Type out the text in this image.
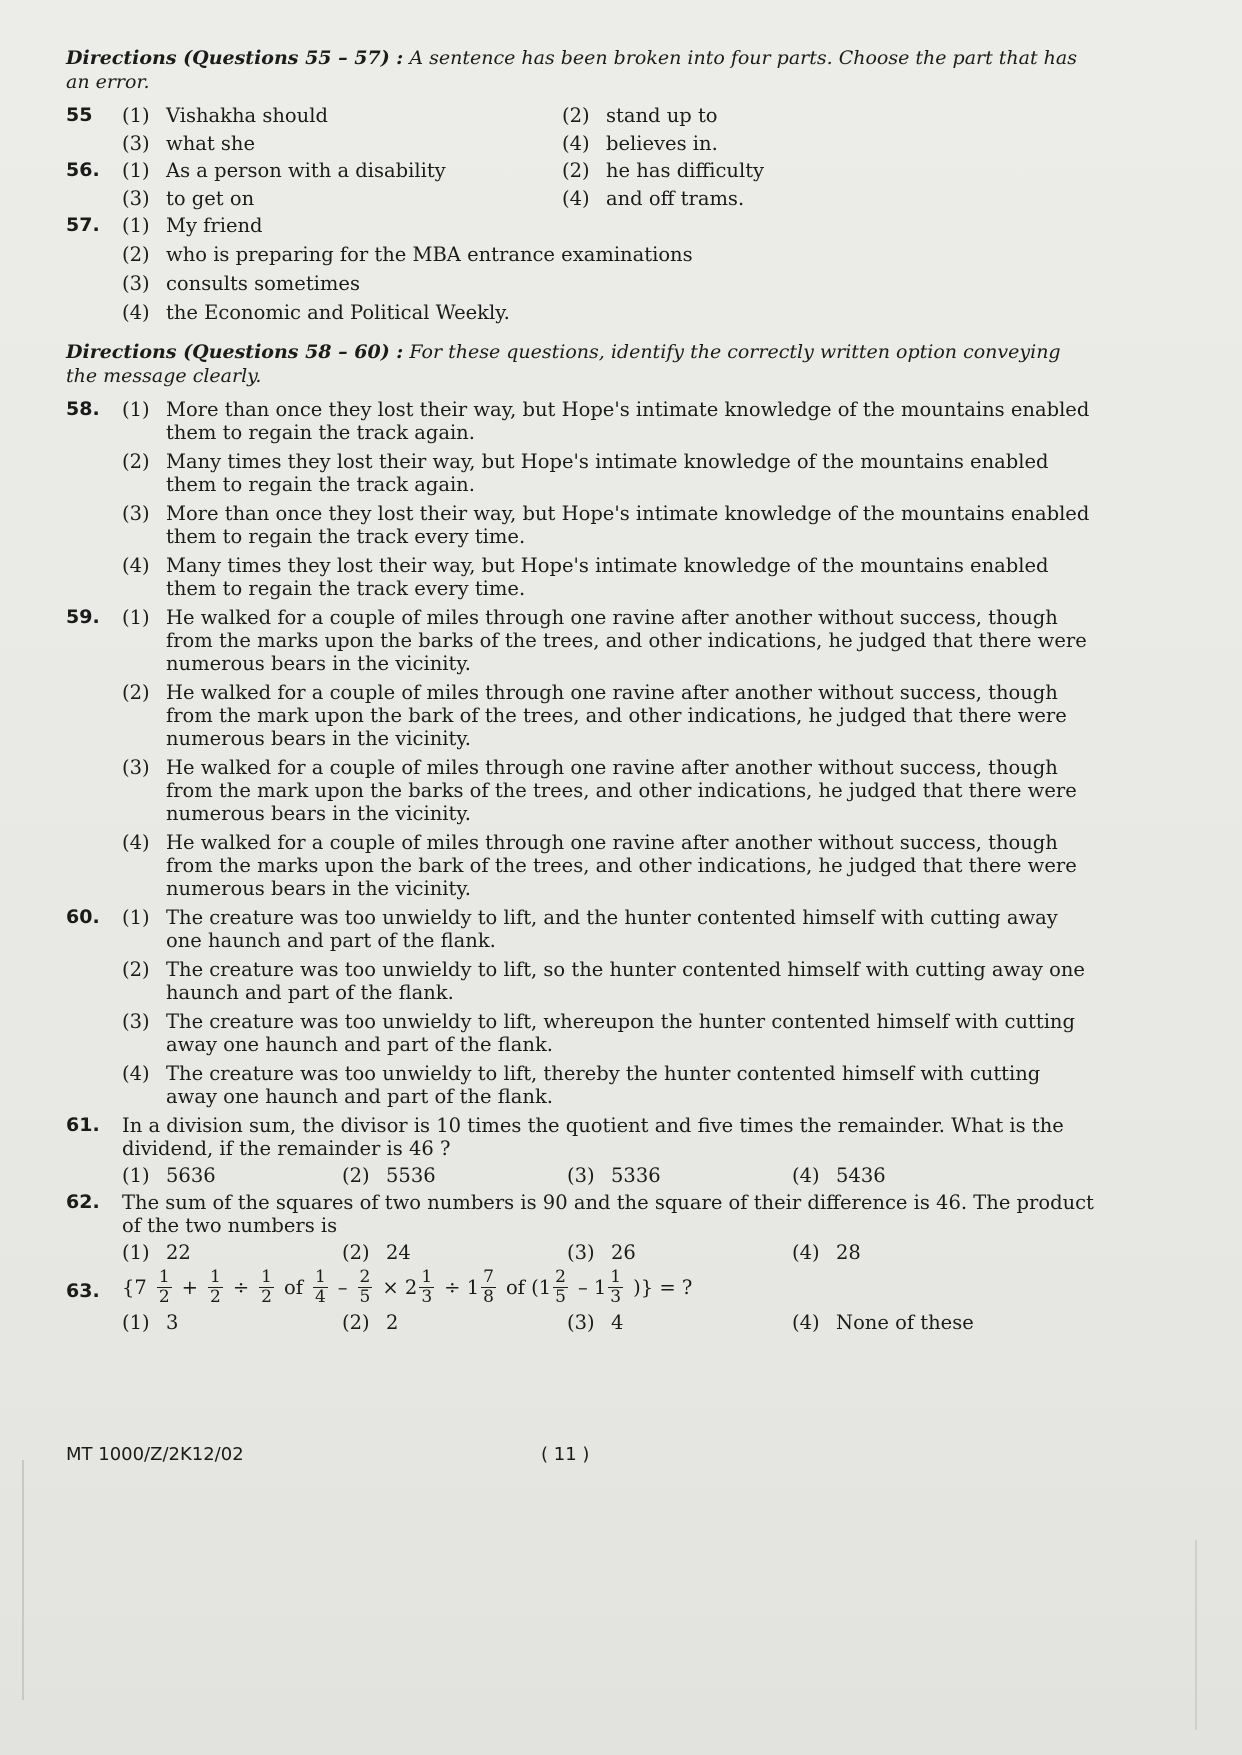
Directions (Questions 55 – 57) : A sentence has been broken into four parts. Choose the part that has an error.

55 (1) Vishakha should	(2) stand up to
(3) what she	(4) believes in.
56. (1) As a person with a disability	(2) he has difficulty
(3) to get on	(4) and off trams.
57. (1) My friend
(2) who is preparing for the MBA entrance examinations
(3) consults sometimes
(4) the Economic and Political Weekly.

Directions (Questions 58 – 60) : For these questions, identify the correctly written option conveying the message clearly.

58. (1) More than once they lost their way, but Hope's intimate knowledge of the mountains enabled them to regain the track again.
(2) Many times they lost their way, but Hope's intimate knowledge of the mountains enabled them to regain the track again.
(3) More than once they lost their way, but Hope's intimate knowledge of the mountains enabled them to regain the track every time.
(4) Many times they lost their way, but Hope's intimate knowledge of the mountains enabled them to regain the track every time.
59. (1) He walked for a couple of miles through one ravine after another without success, though from the marks upon the barks of the trees, and other indications, he judged that there were numerous bears in the vicinity.
(2) He walked for a couple of miles through one ravine after another without success, though from the mark upon the bark of the trees, and other indications, he judged that there were numerous bears in the vicinity.
(3) He walked for a couple of miles through one ravine after another without success, though from the mark upon the barks of the trees, and other indications, he judged that there were numerous bears in the vicinity.
(4) He walked for a couple of miles through one ravine after another without success, though from the marks upon the bark of the trees, and other indications, he judged that there were numerous bears in the vicinity.
60. (1) The creature was too unwieldy to lift, and the hunter contented himself with cutting away one haunch and part of the flank.
(2) The creature was too unwieldy to lift, so the hunter contented himself with cutting away one haunch and part of the flank.
(3) The creature was too unwieldy to lift, whereupon the hunter contented himself with cutting away one haunch and part of the flank.
(4) The creature was too unwieldy to lift, thereby the hunter contented himself with cutting away one haunch and part of the flank.
61. In a division sum, the divisor is 10 times the quotient and five times the remainder. What is the dividend, if the remainder is 46 ?
(1) 5636	(2) 5536	(3) 5336	(4) 5436
62. The sum of the squares of two numbers is 90 and the square of their difference is 46. The product of the two numbers is
(1) 22	(2) 24	(3) 26	(4) 28
63. {$7 \frac{1}{2} + \frac{1}{2} \div \frac{1}{2}$ of $\frac{1}{4} - \frac{2}{5} \times 2 \frac{1}{3} \div 1 \frac{7}{8}$ of ($1 \frac{2}{5} - 1 \frac{1}{3}$ )} = ?
(1) 3	(2) 2	(3) 4	(4) None of these
MT 1000/Z/2K12/02	( 11 )
